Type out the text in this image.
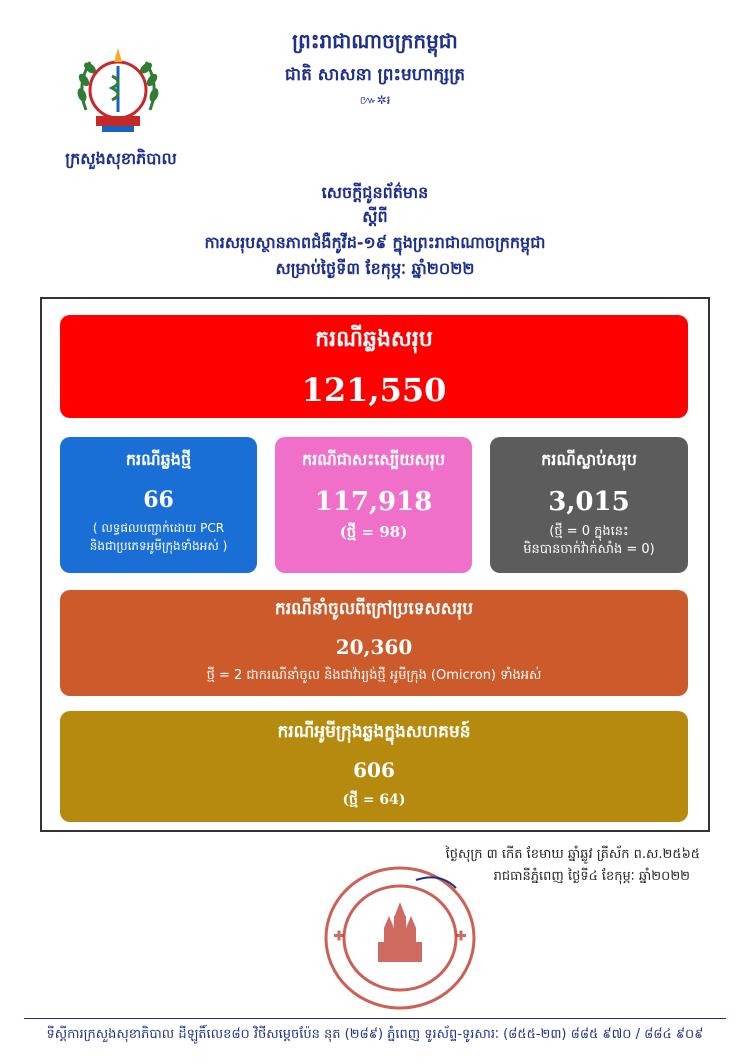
ព្រះរាជាណាចក្រកម្ពុជា
ជាតិ សាសនា ព្រះមហាក្សត្រ
៚✲៛
ក្រសួងសុខាភិបាល
សេចក្តីជូនព័ត៌មាន
ស្តីពី
ការសរុបស្ថានភាពជំងឺកូវីដ-១៩ ក្នុងព្រះរាជាណាចក្រកម្ពុជា
សម្រាប់ថ្ងៃទី៣ ខែកុម្ភៈ ឆ្នាំ២០២២
ករណីឆ្លងសរុប
121,550
ករណីឆ្លងថ្មី
66
( លទ្ធផលបញ្ជាក់ដោយ PCR
និងជាប្រភេទអូមីក្រុងទាំងអស់ )
ករណីជាសះស្បើយសរុប
117,918
(ថ្មី = 98)
ករណីស្លាប់សរុប
3,015
(ថ្មី = 0 ក្នុងនេះ
មិនបានចាក់វ៉ាក់សាំង = 0)
ករណីនាំចូលពីក្រៅប្រទេសសរុប
20,360
ថ្មី = 2 ជាករណីនាំចូល និងជាវ៉ារ្យង់ថ្មី អូមីក្រុង (Omicron) ទាំងអស់
ករណីអូមីក្រុងឆ្លងក្នុងសហគមន៍
606
(ថ្មី = 64)
ថ្ងៃសុក្រ ៣ កើត ខែមាឃ ឆ្នាំឆ្លូវ ត្រីស័ក ព.ស.២៥៦៥
រាជធានីភ្នំពេញ ថ្ងៃទី៤ ខែកុម្ភៈ ឆ្នាំ២០២២
ទីស្តីការក្រសួងសុខាភិបាល ដីឡូតិ៍លេខ៨០ វិថីសម្ដេចប៉ែន នុត (២៨៩) ភ្នំពេញ ទូរស័ព្ទ-ទូរសារៈ (៨៥៥-២៣) ៨៨៥ ៩៧០ / ៨៨៤ ៩០៩
